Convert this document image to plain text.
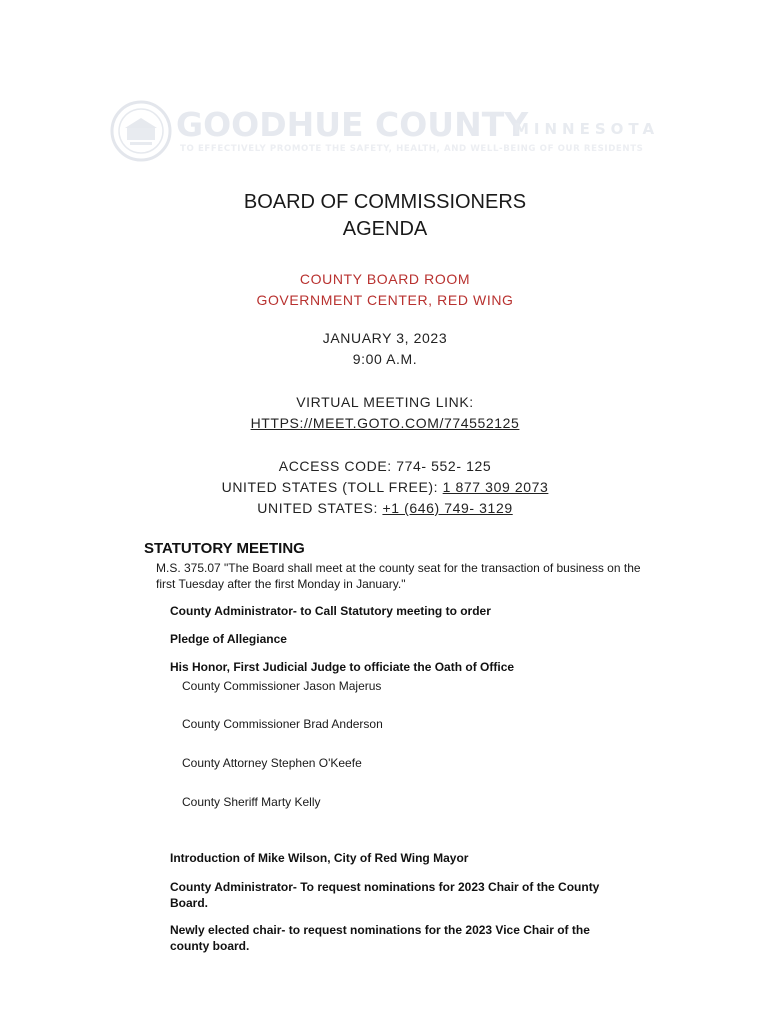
GOODHUE COUNTY
MINNESOTA
TO EFFECTIVELY PROMOTE THE SAFETY, HEALTH, AND WELL-BEING OF OUR RESIDENTS
BOARD OF COMMISSIONERS
AGENDA
COUNTY BOARD ROOM
GOVERNMENT CENTER, RED WING
JANUARY 3, 2023
9:00 A.M.
VIRTUAL MEETING LINK:
HTTPS://MEET.GOTO.COM/774552125
ACCESS CODE: 774- 552- 125
UNITED STATES (TOLL FREE): 1 877 309 2073
UNITED STATES: +1 (646) 749- 3129
STATUTORY MEETING
M.S. 375.07 "The Board shall meet at the county seat for the transaction of business on the first Tuesday after the first Monday in January."
County Administrator- to Call Statutory meeting to order
Pledge of Allegiance
His Honor, First Judicial Judge to officiate the Oath of Office
County Commissioner Jason Majerus
County Commissioner Brad Anderson
County Attorney Stephen O'Keefe
County Sheriff Marty Kelly
Introduction of Mike Wilson, City of Red Wing Mayor
County Administrator- To request nominations for 2023 Chair of the County Board.
Newly elected chair- to request nominations for the 2023 Vice Chair of the county board.
